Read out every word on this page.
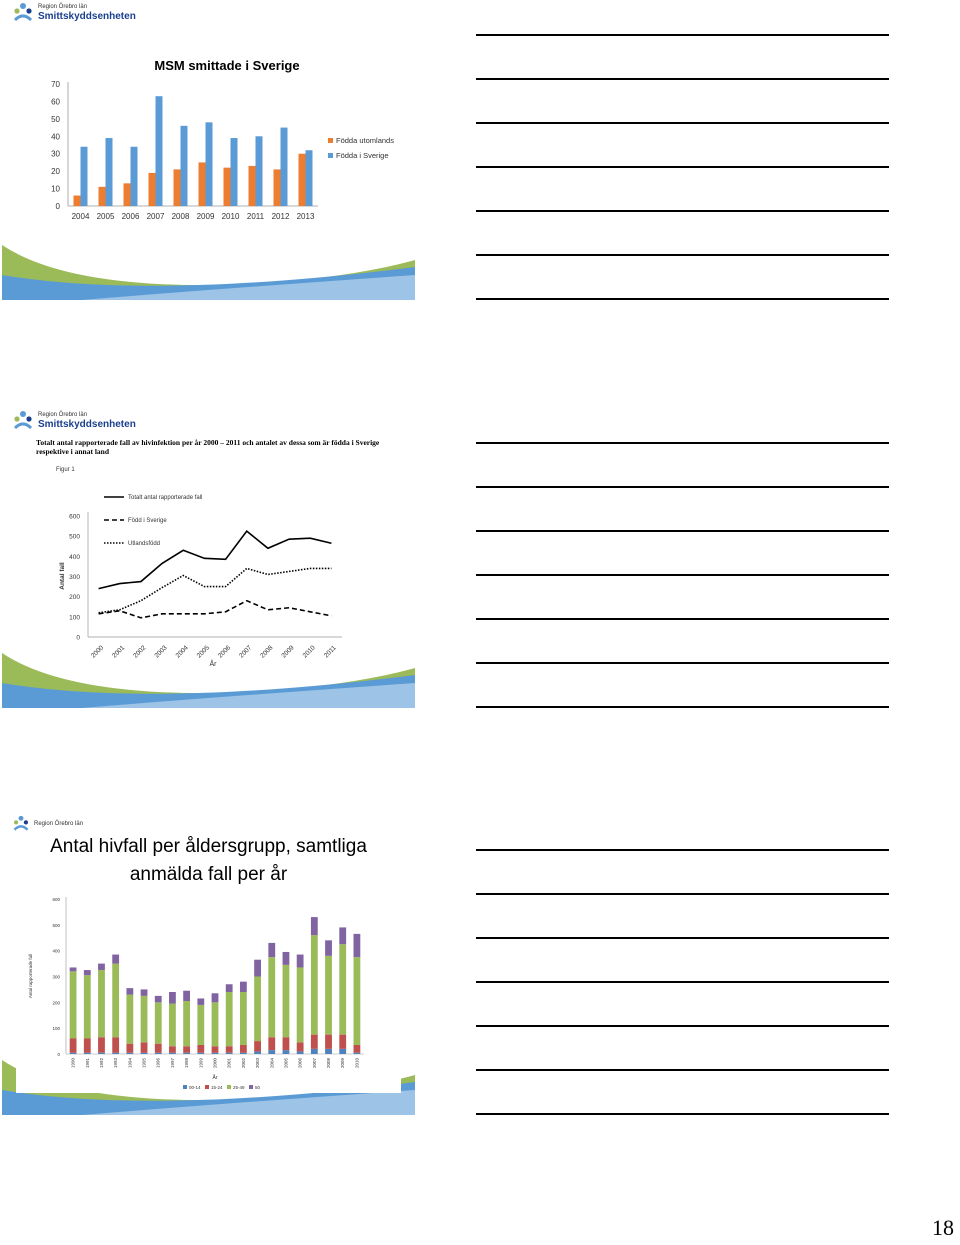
Region Örebro län
Smittskyddsenheten
MSM smittade i Sverige
0
10
20
30
40
50
60
70
2004 2005 2006 2007 2008 2009 2010 2011 2012 2013
Födda utomlands
Födda i Sverige
Region Örebro län
Smittskyddsenheten
Totalt antal rapporterade fall av hivinfektion per år 2000 – 2011 och antalet av dessa som är födda i Sverige respektive i annat land
Figur 1
0
100
200
300
400
500
600
Totalt antal rapporterade fall
Född i Sverige
Utlandsfödd
2000 2001 2002 2003 2004 2005 2006 2007 2008 2009 2010 2011
År
Antal fall
Region Örebro län
Antal hivfall per åldersgrupp, samtliga
anmälda fall per år
0
100
200
300
400
500
600
1990 1991 1992 1993 1994 1995 1996 1997 1998 1999 2000 2001 2002 2003 2004 2005 2006 2007 2008 2009 2010
År
Antal rapporterade fall
00-14 15-24 25-49 50
18
